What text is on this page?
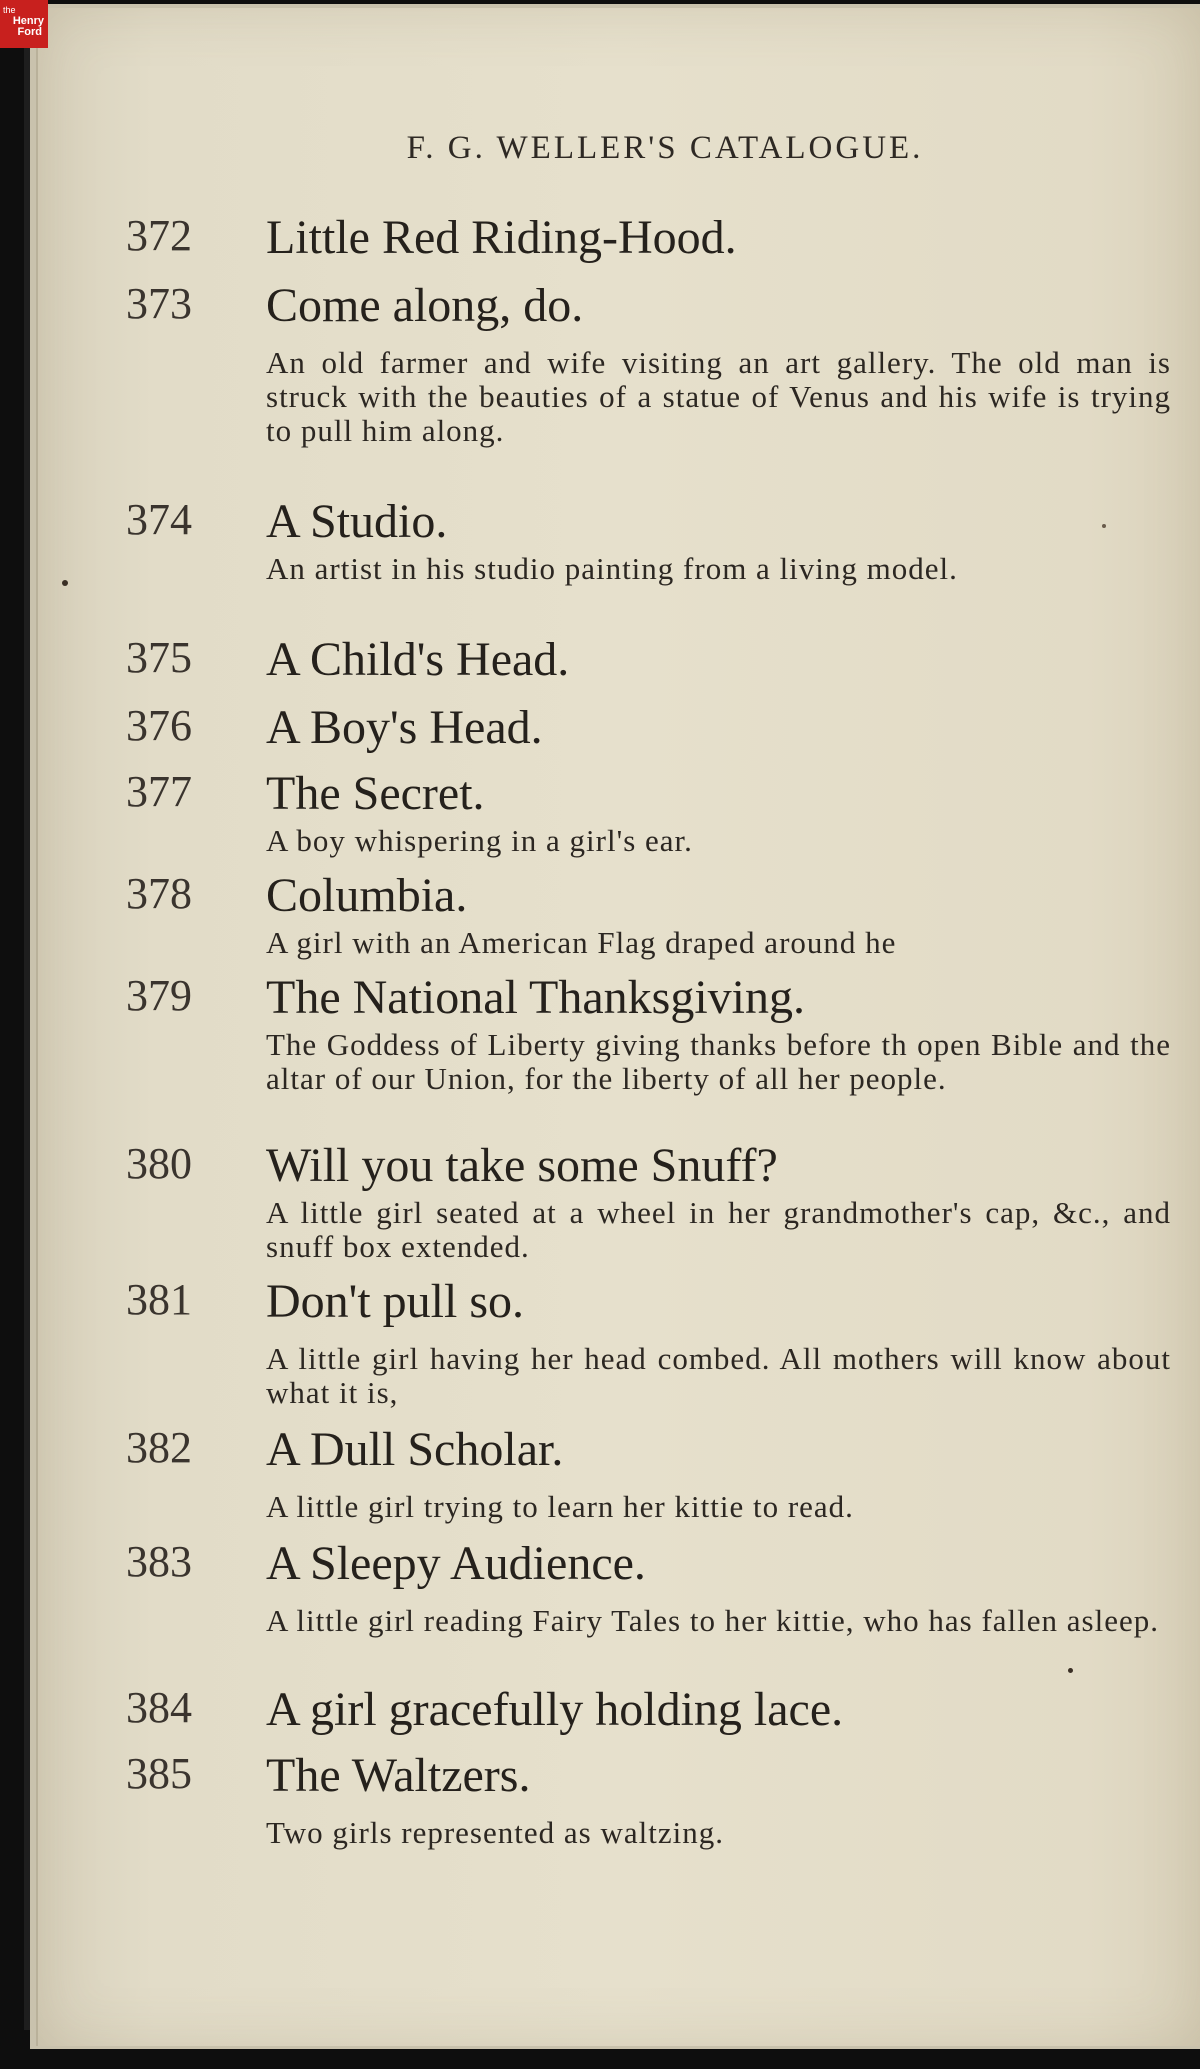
F. G. WELLER'S CATALOGUE.
372 Little Red Riding-Hood.
373 Come along, do.
An old farmer and wife visiting an art gallery. The old man is struck with the beauties of a statue of Venus and his wife is trying to pull him along.
374 A Studio.
An artist in his studio painting from a living model.
375 A Child's Head.
376 A Boy's Head.
377 The Secret.
A boy whispering in a girl's ear.
378 Columbia.
A girl with an American Flag draped around he
379 The National Thanksgiving.
The Goddess of Liberty giving thanks before th open Bible and the altar of our Union, for the liberty of all her people.
380 Will you take some Snuff?
A little girl seated at a wheel in her grandmother's cap, &c., and snuff box extended.
381 Don't pull so.
A little girl having her head combed. All mothers will know about what it is,
382 A Dull Scholar.
A little girl trying to learn her kittie to read.
383 A Sleepy Audience.
A little girl reading Fairy Tales to her kittie, who has fallen asleep.
384 A girl gracefully holding lace.
385 The Waltzers.
Two girls represented as waltzing.
the
Henry
Ford
